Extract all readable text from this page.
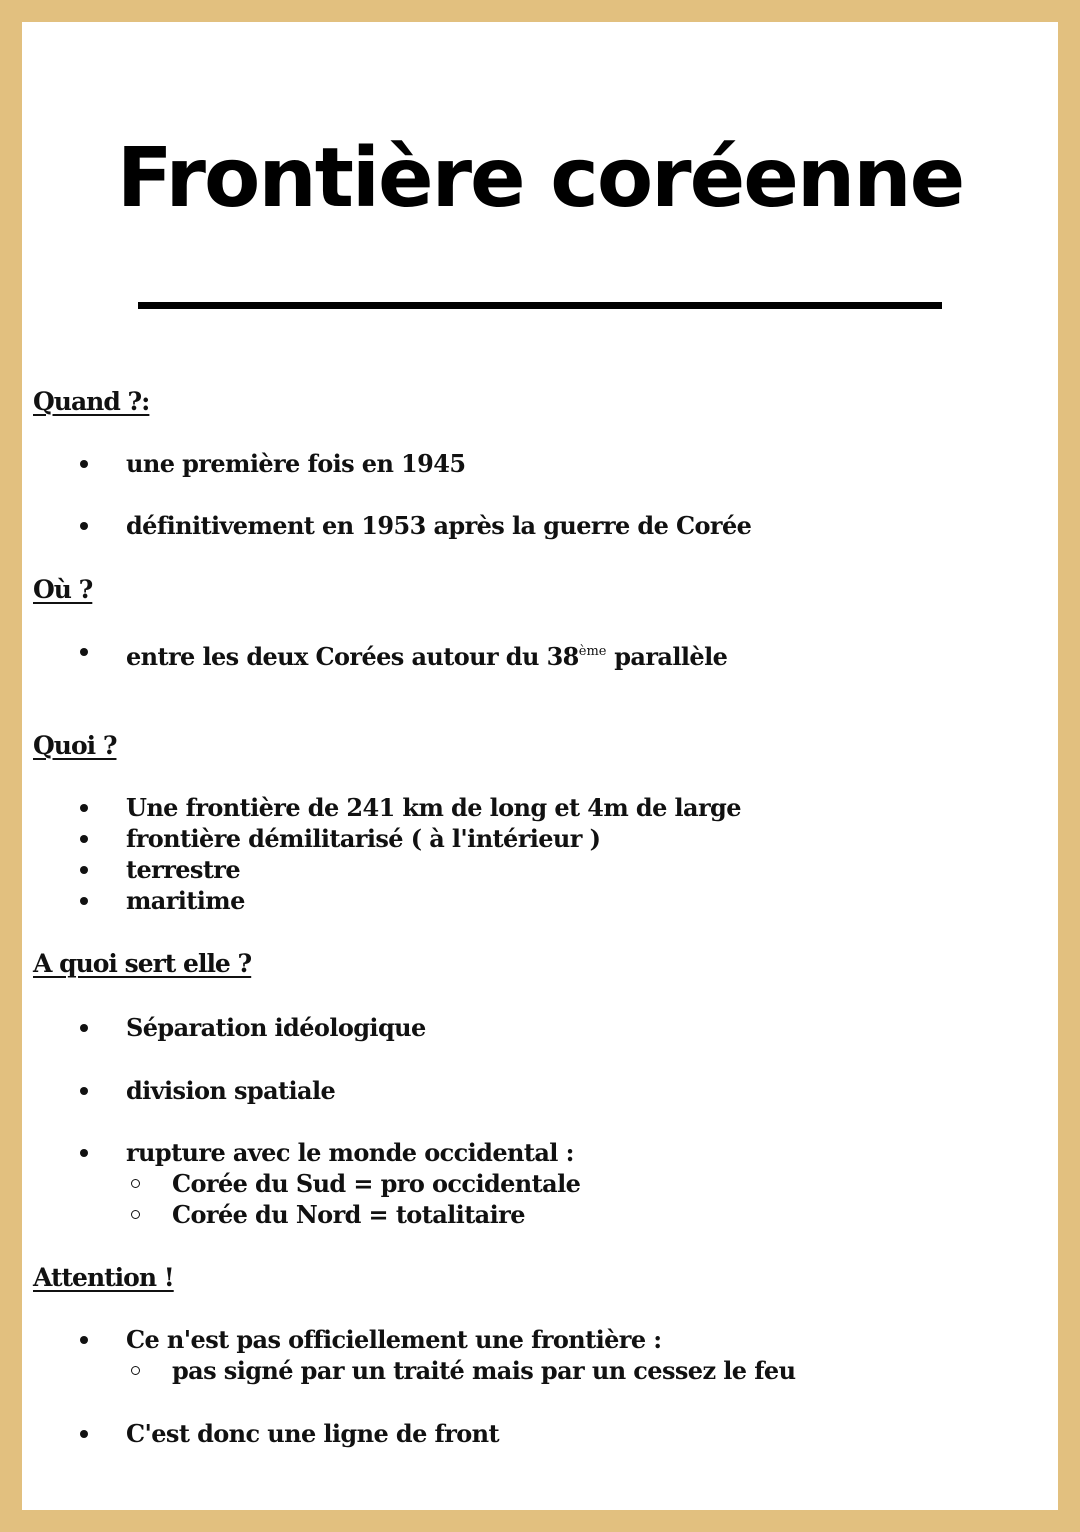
Frontière coréenne
Quand ?:
une première fois en 1945
définitivement en 1953 après la guerre de Corée
Où ?
entre les deux Corées autour du 38ème parallèle
Quoi ?
Une frontière de 241 km de long et 4m de large
frontière démilitarisé ( à l'intérieur )
terrestre
maritime
A quoi sert elle ?
Séparation idéologique
division spatiale
rupture avec le monde occidental :
Corée du Sud = pro occidentale
Corée du Nord = totalitaire
Attention !
Ce n'est pas officiellement une frontière :
pas signé par un traité mais par un cessez le feu
C'est donc une ligne de front
